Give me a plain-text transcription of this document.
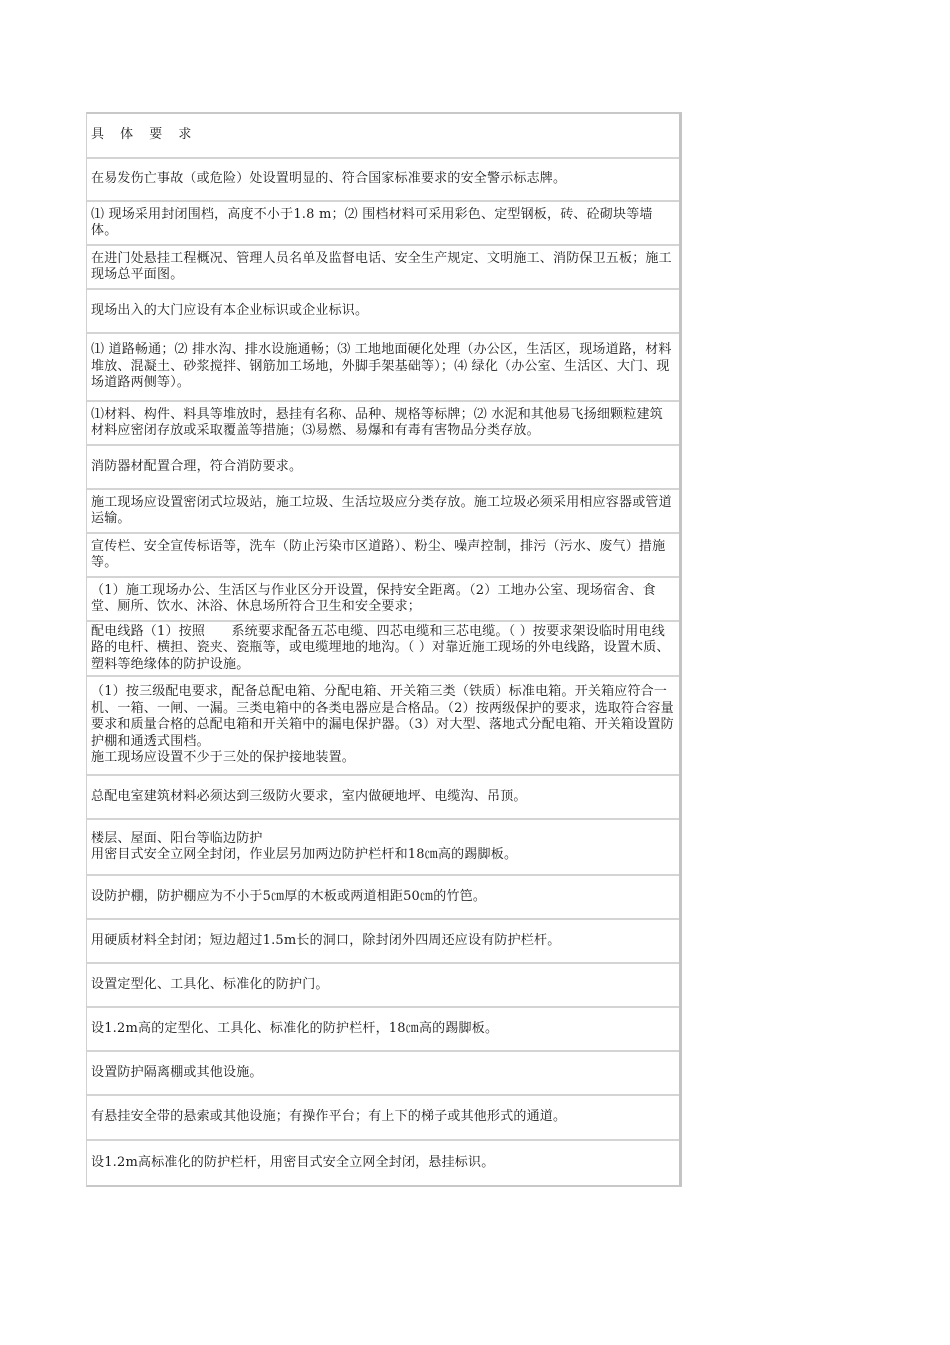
具 体 要 求
在易发伤亡事故（或危险）处设置明显的、符合国家标准要求的安全警示标志牌。
⑴ 现场采用封闭围档，高度不小于1.8 m；⑵ 围档材料可采用彩色、定型钢板，砖、砼砌块等墙体。
在进门处悬挂工程概况、管理人员名单及监督电话、安全生产规定、文明施工、消防保卫五板；施工现场总平面图。
现场出入的大门应设有本企业标识或企业标识。
⑴ 道路畅通；⑵ 排水沟、排水设施通畅；⑶ 工地地面硬化处理（办公区，生活区，现场道路，材料堆放、混凝土、砂浆搅拌、钢筋加工场地，外脚手架基础等）；⑷ 绿化（办公室、生活区、大门、现场道路两侧等）。
⑴材料、构件、料具等堆放时，悬挂有名称、品种、规格等标牌；⑵ 水泥和其他易飞扬细颗粒建筑材料应密闭存放或采取覆盖等措施；⑶易燃、易爆和有毒有害物品分类存放。
消防器材配置合理，符合消防要求。
施工现场应设置密闭式垃圾站，施工垃圾、生活垃圾应分类存放。施工垃圾必须采用相应容器或管道运输。
宣传栏、安全宣传标语等，洗车（防止污染市区道路）、粉尘、噪声控制，排污（污水、废气）措施等。
（1）施工现场办公、生活区与作业区分开设置，保持安全距离。（2）工地办公室、现场宿舍、食堂、厕所、饮水、沐浴、休息场所符合卫生和安全要求；
配电线路（1）按照　　系统要求配备五芯电缆、四芯电缆和三芯电缆。（ ）按要求架设临时用电线路的电杆、横担、瓷夹、瓷瓶等，或电缆埋地的地沟。（ ）对靠近施工现场的外电线路，设置木质、塑料等绝缘体的防护设施。
（1）按三级配电要求，配备总配电箱、分配电箱、开关箱三类（铁质）标准电箱。开关箱应符合一机、一箱、一闸、一漏。三类电箱中的各类电器应是合格品。（2）按两级保护的要求，选取符合容量要求和质量合格的总配电箱和开关箱中的漏电保护器。（3）对大型、落地式分配电箱、开关箱设置防护棚和通透式围档。
施工现场应设置不少于三处的保护接地装置。
总配电室建筑材料必须达到三级防火要求，室内做硬地坪、电缆沟、吊顶。
楼层、屋面、阳台等临边防护
用密目式安全立网全封闭，作业层另加两边防护栏杆和18㎝高的踢脚板。
设防护棚，防护棚应为不小于5㎝厚的木板或两道相距50㎝的竹笆。
用硬质材料全封闭；短边超过1.5m长的洞口，除封闭外四周还应设有防护栏杆。
设置定型化、工具化、标准化的防护门。
设1.2m高的定型化、工具化、标准化的防护栏杆，18㎝高的踢脚板。
设置防护隔离棚或其他设施。
有悬挂安全带的悬索或其他设施；有操作平台；有上下的梯子或其他形式的通道。
设1.2m高标准化的防护栏杆，用密目式安全立网全封闭，悬挂标识。
